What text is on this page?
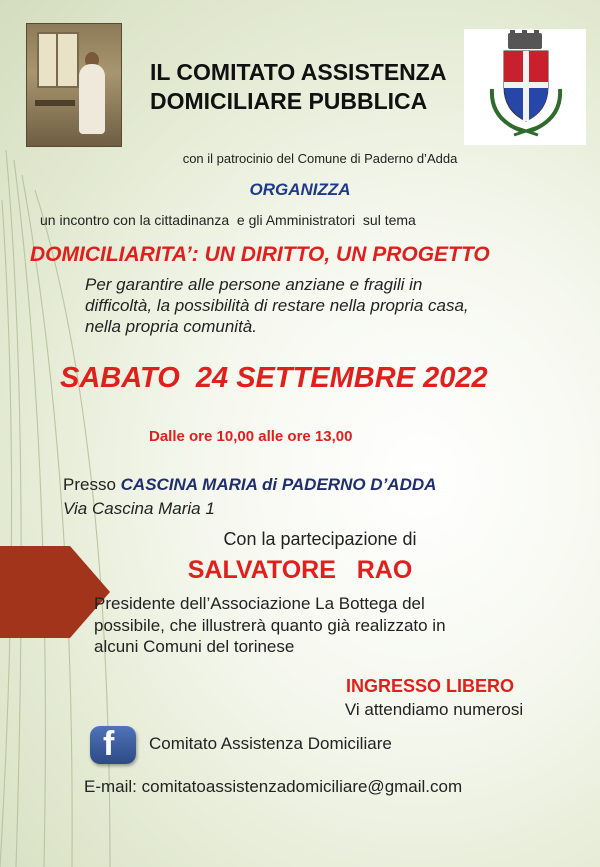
IL COMITATO ASSISTENZA
DOMICILIARE PUBBLICA
con il patrocinio del Comune di Paderno d’Adda
ORGANIZZA
un incontro con la cittadinanza  e gli Amministratori  sul tema
DOMICILIARITA’: UN DIRITTO, UN PROGETTO
Per garantire alle persone anziane e fragili in
difficoltà, la possibilità di restare nella propria casa,
nella propria comunità.
SABATO  24 SETTEMBRE 2022
Dalle ore 10,00 alle ore 13,00
Presso CASCINA MARIA di PADERNO D’ADDA
Via Cascina Maria 1
Con la partecipazione di
SALVATORE   RAO
Presidente dell’Associazione La Bottega del
possibile, che illustrerà quanto già realizzato in
alcuni Comuni del torinese
INGRESSO LIBERO
Vi attendiamo numerosi
f Comitato Assistenza Domiciliare
E-mail: comitatoassistenzadomiciliare@gmail.com
